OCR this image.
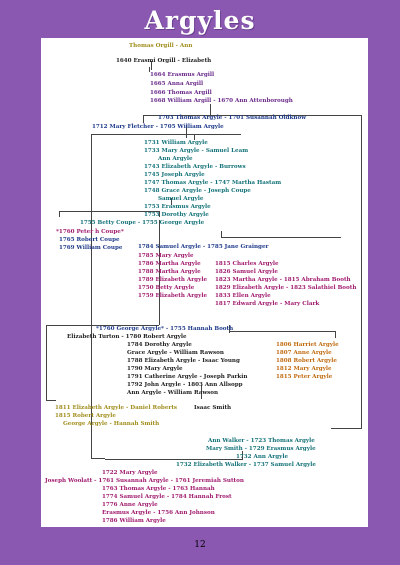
Argyles
Thomas Orgill - Ann
1640 Erasmi Orgill - Elizabeth
1664 Erasmus Argill
1665 Anna Argill
1666 Thomas Argill
1668 William Argill - 1670 Ann Attenborough
1703 Thomas Argyle - 1701 Susannah Oldknow
1712 Mary Fletcher - 1705 William Argyle
1731 William Argyle
1733 Mary Argyle - Samuel Leam
Ann Argyle
1743 Elizabeth Argyle - Burrows
1745 Joseph Argyle
1747 Thomas Argyle - 1747 Martha Hastam
1748 Grace Argyle - Joseph Coupe
Samuel Argyle
1753 Erasmus Argyle
1753 Dorothy Argyle
1755 Betty Coupe - 1755 George Argyle
*1760 Peter h Coupe*
1765 Robert Coupe
1769 William Coupe	1784 Samuel Argyle - 1785 Jane Grainger
1785 Mary Argyle
1786 Martha Argyle
1788 Martha Argyle
1789 Elizabeth Argyle
1750 Betty Argyle
1759 Elizabeth Argyle
1815 Charles Argyle
1826 Samuel Argyle
1823 Martha Argyle - 1815 Abraham Booth
1829 Elizabeth Argyle - 1823 Salathiel Booth
1833 Ellen Argyle
1817 Edward Argyle - Mary Clark
*1760 George Argyle* - 1755 Hannah Booth
Elizabeth Turton - 1780 Robert Argyle
1784 Dorothy Argyle
Grace Argyle - William Rawson
1788 Elizabeth Argyle - Isaac Young
1790 Mary Argyle
1791 Catherine Argyle - Joseph Parkin
1792 John Argyle - 1803 Ann Allsopp
Ann Argyle - William Rawson
1806 Harriet Argyle
1807 Anne Argyle
1808 Robert Argyle
1812 Mary Argyle
1815 Peter Argyle
1811 Elizabeth Argyle - Daniel Roberts	Isaac Smith
1815 Robert Argyle
George Argyle - Hannah Smith
Ann Walker - 1723 Thomas Argyle
Mary Smith - 1729 Erasmus Argyle
1732 Ann Argyle
1732 Elizabeth Walker - 1737 Samuel Argyle
1722 Mary Argyle
Joseph Woolatt - 1761 Susannah Argyle - 1761 Jeremiah Sutton
1763 Thomas Argyle - 1763 Hannah
1774 Samuel Argyle - 1784 Hannah Frost
1776 Anne Argyle
Erasmus Argyle - 1756 Ann Johnson
1786 William Argyle
12
